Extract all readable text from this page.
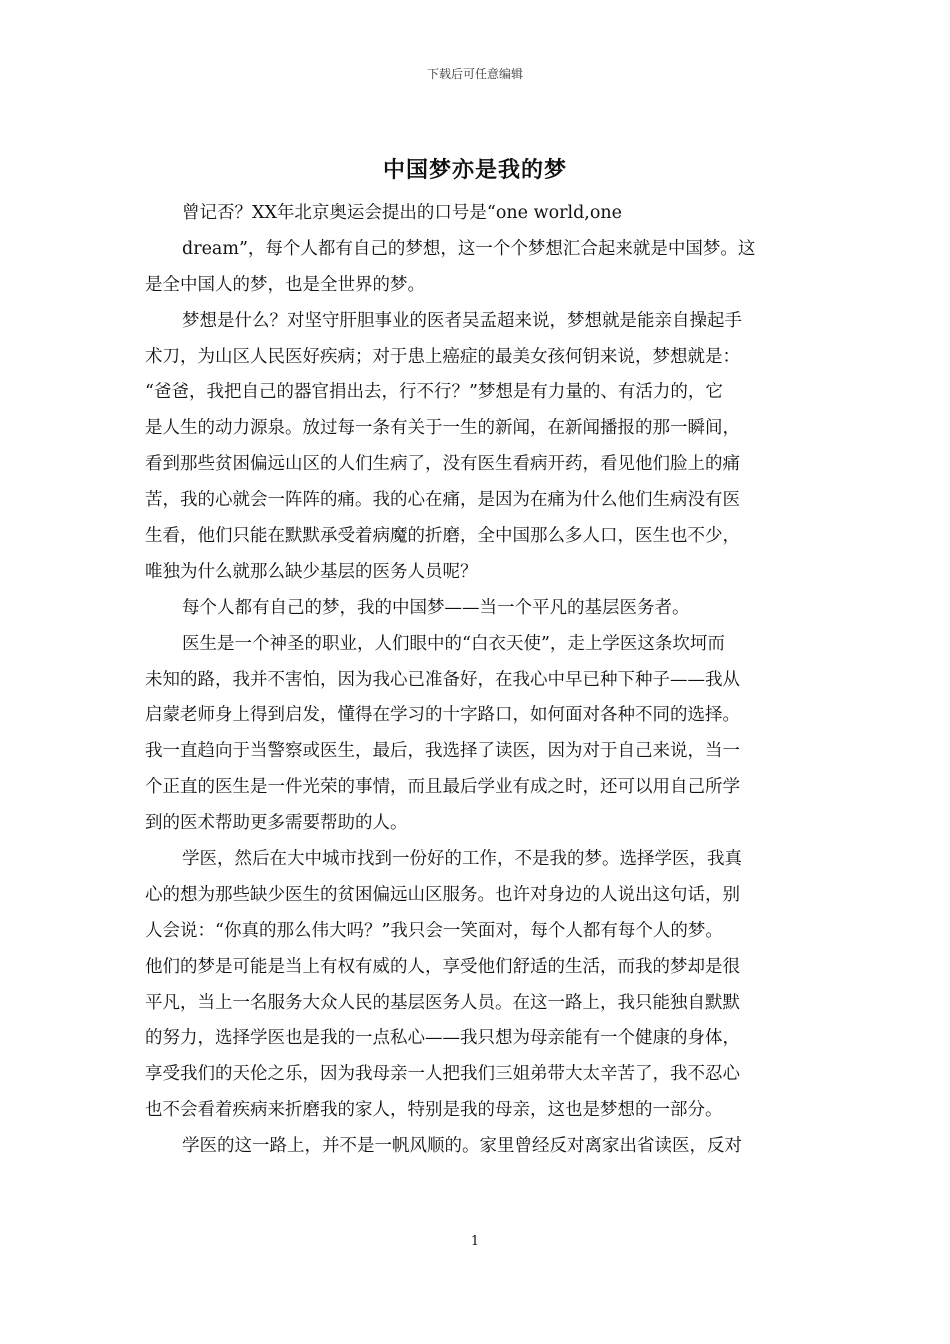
下载后可任意编辑
中国梦亦是我的梦
曾记否？XX年北京奥运会提出的口号是“one world,one
dream”，每个人都有自己的梦想，这一个个梦想汇合起来就是中国梦。这
是全中国人的梦，也是全世界的梦。
梦想是什么？对坚守肝胆事业的医者吴孟超来说，梦想就是能亲自操起手
术刀，为山区人民医好疾病；对于患上癌症的最美女孩何钥来说，梦想就是：
“爸爸，我把自己的器官捐出去，行不行？”梦想是有力量的、有活力的，它
是人生的动力源泉。放过每一条有关于一生的新闻，在新闻播报的那一瞬间，
看到那些贫困偏远山区的人们生病了，没有医生看病开药，看见他们脸上的痛
苦，我的心就会一阵阵的痛。我的心在痛，是因为在痛为什么他们生病没有医
生看，他们只能在默默承受着病魔的折磨，全中国那么多人口，医生也不少，
唯独为什么就那么缺少基层的医务人员呢？
每个人都有自己的梦，我的中国梦——当一个平凡的基层医务者。
医生是一个神圣的职业，人们眼中的“白衣天使”，走上学医这条坎坷而
未知的路，我并不害怕，因为我心已准备好，在我心中早已种下种子——我从
启蒙老师身上得到启发，懂得在学习的十字路口，如何面对各种不同的选择。
我一直趋向于当警察或医生，最后，我选择了读医，因为对于自己来说，当一
个正直的医生是一件光荣的事情，而且最后学业有成之时，还可以用自己所学
到的医术帮助更多需要帮助的人。
学医，然后在大中城市找到一份好的工作，不是我的梦。选择学医，我真
心的想为那些缺少医生的贫困偏远山区服务。也许对身边的人说出这句话，别
人会说：“你真的那么伟大吗？”我只会一笑面对，每个人都有每个人的梦。
他们的梦是可能是当上有权有威的人，享受他们舒适的生活，而我的梦却是很
平凡，当上一名服务大众人民的基层医务人员。在这一路上，我只能独自默默
的努力，选择学医也是我的一点私心——我只想为母亲能有一个健康的身体，
享受我们的天伦之乐，因为我母亲一人把我们三姐弟带大太辛苦了，我不忍心
也不会看着疾病来折磨我的家人，特别是我的母亲，这也是梦想的一部分。
学医的这一路上，并不是一帆风顺的。家里曾经反对离家出省读医，反对
1
